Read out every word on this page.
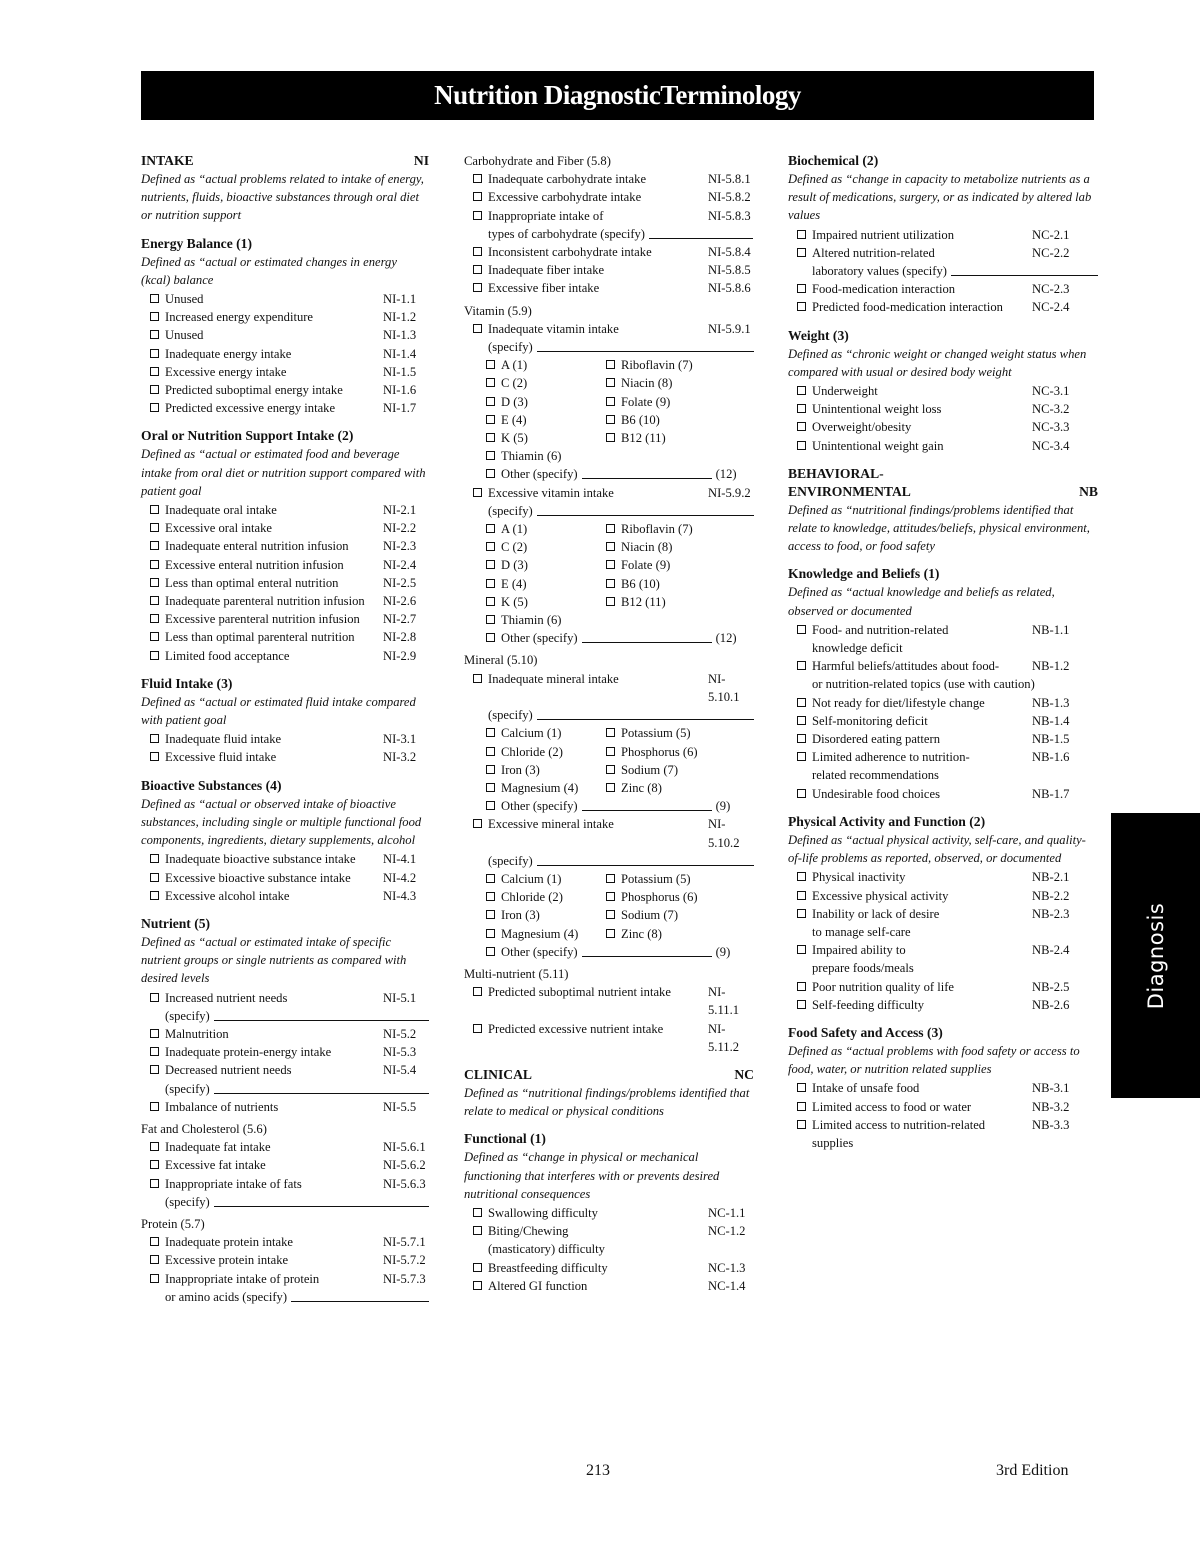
Nutrition DiagnosticTerminology
INTAKE	NI
Defined as “actual problems related to intake of energy, nutrients, fluids, bioactive substances through oral diet or nutrition support
Energy Balance (1)
Defined as “actual or estimated changes in energy (kcal) balance
Unused	NI-1.1
Increased energy expenditure	NI-1.2
Unused	NI-1.3
Inadequate energy intake	NI-1.4
Excessive energy intake	NI-1.5
Predicted suboptimal energy intake	NI-1.6
Predicted excessive energy intake	NI-1.7
Oral or Nutrition Support Intake (2)
Defined as “actual or estimated food and beverage intake from oral diet or nutrition support compared with patient goal
Inadequate oral intake	NI-2.1
Excessive oral intake	NI-2.2
Inadequate enteral nutrition infusion	NI-2.3
Excessive enteral nutrition infusion	NI-2.4
Less than optimal enteral nutrition	NI-2.5
Inadequate parenteral nutrition infusion	NI-2.6
Excessive parenteral nutrition infusion	NI-2.7
Less than optimal parenteral nutrition	NI-2.8
Limited food acceptance	NI-2.9
Fluid Intake (3)
Defined as “actual or estimated fluid intake compared with patient goal
Inadequate fluid intake	NI-3.1
Excessive fluid intake	NI-3.2
Bioactive Substances (4)
Defined as “actual or observed intake of bioactive substances, including single or multiple functional food components, ingredients, dietary supplements, alcohol
Inadequate bioactive substance intake	NI-4.1
Excessive bioactive substance intake	NI-4.2
Excessive alcohol intake	NI-4.3
Nutrient (5)
Defined as “actual or estimated intake of specific nutrient groups or single nutrients as compared with desired levels
Increased nutrient needs	NI-5.1
(specify)
Malnutrition	NI-5.2
Inadequate protein-energy intake	NI-5.3
Decreased nutrient needs	NI-5.4
(specify)
Imbalance of nutrients	NI-5.5
Fat and Cholesterol (5.6)
Inadequate fat intake	NI-5.6.1
Excessive fat intake	NI-5.6.2
Inappropriate intake of fats	NI-5.6.3
(specify)
Protein (5.7)
Inadequate protein intake	NI-5.7.1
Excessive protein intake	NI-5.7.2
Inappropriate intake of protein	NI-5.7.3
or amino acids (specify)
Carbohydrate and Fiber (5.8)
Inadequate carbohydrate intake	NI-5.8.1
Excessive carbohydrate intake	NI-5.8.2
Inappropriate intake of	NI-5.8.3
types of carbohydrate (specify)
Inconsistent carbohydrate intake	NI-5.8.4
Inadequate fiber intake	NI-5.8.5
Excessive fiber intake	NI-5.8.6
Vitamin (5.9)
Inadequate vitamin intake	NI-5.9.1
(specify)
A (1)	Riboflavin (7)
C (2)	Niacin (8)
D (3)	Folate (9)
E (4)	B6 (10)
K (5)	B12 (11)
Thiamin (6)
Other (specify)	(12)
Excessive vitamin intake	NI-5.9.2
(specify)
A (1)	Riboflavin (7)
C (2)	Niacin (8)
D (3)	Folate (9)
E (4)	B6 (10)
K (5)	B12 (11)
Thiamin (6)
Other (specify)	(12)
Mineral (5.10)
Inadequate mineral intake	NI-5.10.1
(specify)
Calcium (1)	Potassium (5)
Chloride (2)	Phosphorus (6)
Iron (3)	Sodium (7)
Magnesium (4)	Zinc (8)
Other (specify)	(9)
Excessive mineral intake	NI-5.10.2
(specify)
Calcium (1)	Potassium (5)
Chloride (2)	Phosphorus (6)
Iron (3)	Sodium (7)
Magnesium (4)	Zinc (8)
Other (specify)	(9)
Multi-nutrient (5.11)
Predicted suboptimal nutrient intake	NI-5.11.1
Predicted excessive nutrient intake	NI-5.11.2
CLINICAL	NC
Defined as “nutritional findings/problems identified that relate to medical or physical conditions
Functional (1)
Defined as “change in physical or mechanical functioning that interferes with or prevents desired nutritional consequences
Swallowing difficulty	NC-1.1
Biting/Chewing	NC-1.2
(masticatory) difficulty
Breastfeeding difficulty	NC-1.3
Altered GI function	NC-1.4
Biochemical (2)
Defined as “change in capacity to metabolize nutrients as a result of medications, surgery, or as indicated by altered lab values
Impaired nutrient utilization	NC-2.1
Altered nutrition-related	NC-2.2
laboratory values (specify)
Food-medication interaction	NC-2.3
Predicted food-medication interaction	NC-2.4
Weight (3)
Defined as “chronic weight or changed weight status when compared with usual or desired body weight
Underweight	NC-3.1
Unintentional weight loss	NC-3.2
Overweight/obesity	NC-3.3
Unintentional weight gain	NC-3.4
BEHAVIORAL-
ENVIRONMENTAL	NB
Defined as “nutritional findings/problems identified that relate to knowledge, attitudes/beliefs, physical environment, access to food, or food safety
Knowledge and Beliefs (1)
Defined as “actual knowledge and beliefs as related, observed or documented
Food- and nutrition-related	NB-1.1
knowledge deficit
Harmful beliefs/attitudes about food-	NB-1.2
or nutrition-related topics (use with caution)
Not ready for diet/lifestyle change	NB-1.3
Self-monitoring deficit	NB-1.4
Disordered eating pattern	NB-1.5
Limited adherence to nutrition-	NB-1.6
related recommendations
Undesirable food choices	NB-1.7
Physical Activity and Function (2)
Defined as “actual physical activity, self-care, and quality-of-life problems as reported, observed, or documented
Physical inactivity	NB-2.1
Excessive physical activity	NB-2.2
Inability or lack of desire	NB-2.3
to manage self-care
Impaired ability to	NB-2.4
prepare foods/meals
Poor nutrition quality of life	NB-2.5
Self-feeding difficulty	NB-2.6
Food Safety and Access (3)
Defined as “actual problems with food safety or access to food, water, or nutrition related supplies
Intake of unsafe food	NB-3.1
Limited access to food or water	NB-3.2
Limited access to nutrition-related	NB-3.3
supplies
Diagnosis
213	3rd Edition
